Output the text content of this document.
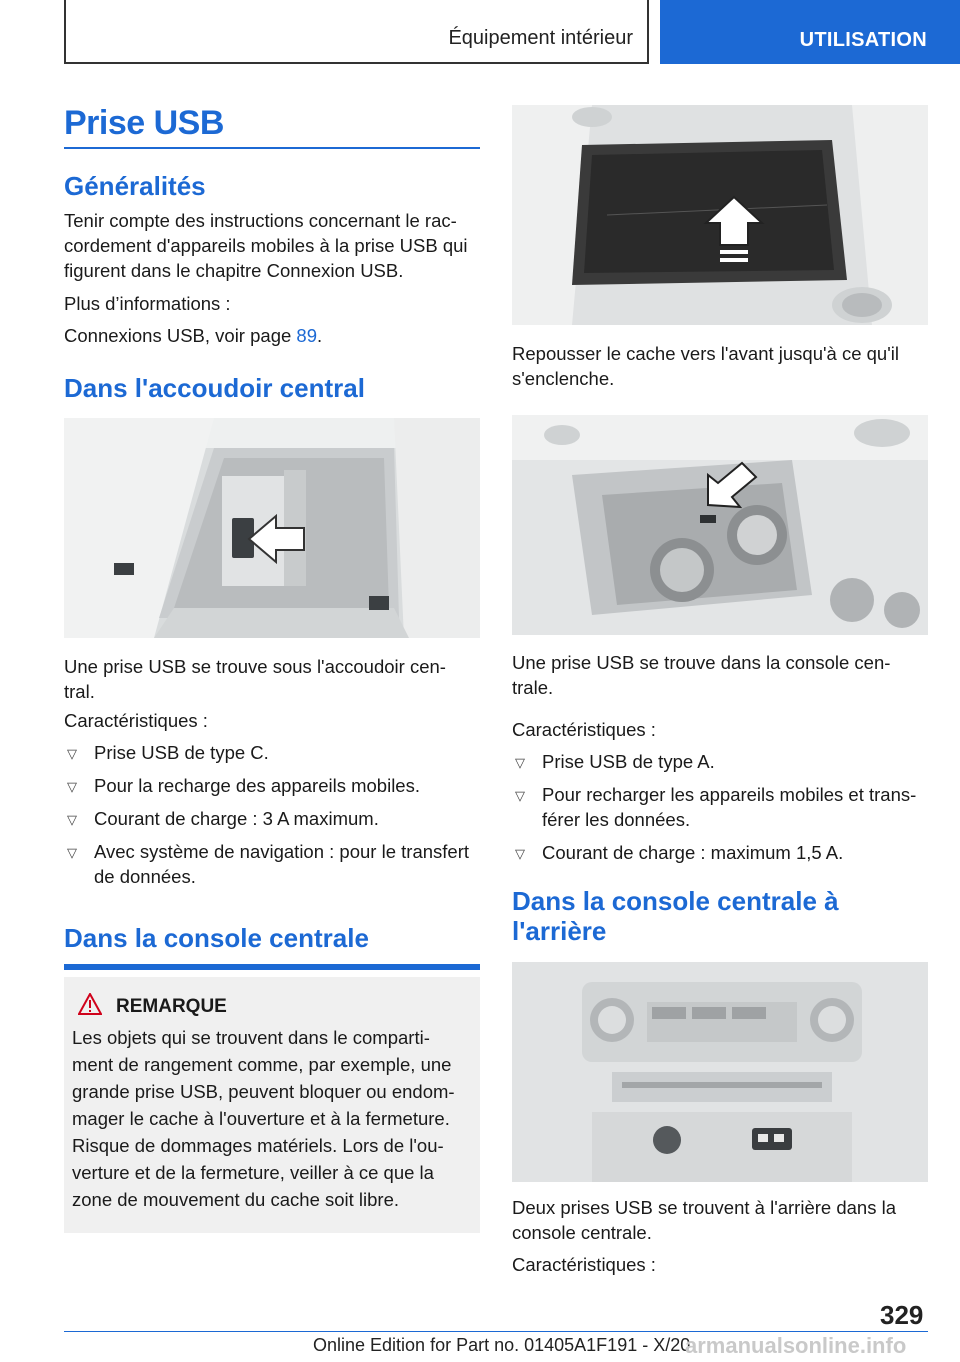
Équipement intérieur	UTILISATION
Prise USB
Généralités
Tenir compte des instructions concernant le rac-
cordement d'appareils mobiles à la prise USB qui
figurent dans le chapitre Connexion USB.
Plus d’informations :
Connexions USB, voir page 89.
Dans l'accoudoir central
Une prise USB se trouve sous l'accoudoir cen-
tral.
Caractéristiques :
▽ Prise USB de type C.
▽ Pour la recharge des appareils mobiles.
▽ Courant de charge : 3 A maximum.
▽ Avec système de navigation : pour le transfert
de données.
Dans la console centrale
REMARQUE
Les objets qui se trouvent dans le comparti-
ment de rangement comme, par exemple, une
grande prise USB, peuvent bloquer ou endom-
mager le cache à l'ouverture et à la fermeture.
Risque de dommages matériels. Lors de l'ou-
verture et de la fermeture, veiller à ce que la
zone de mouvement du cache soit libre.
Repousser le cache vers l'avant jusqu'à ce qu'il
s'enclenche.
Une prise USB se trouve dans la console cen-
trale.
Caractéristiques :
▽ Prise USB de type A.
▽ Pour recharger les appareils mobiles et trans-
férer les données.
▽ Courant de charge : maximum 1,5 A.
Dans la console centrale à
l'arrière
Deux prises USB se trouvent à l'arrière dans la
console centrale.
Caractéristiques :
329
Online Edition for Part no. 01405A1F191 - X/20
armanualsonline.info
